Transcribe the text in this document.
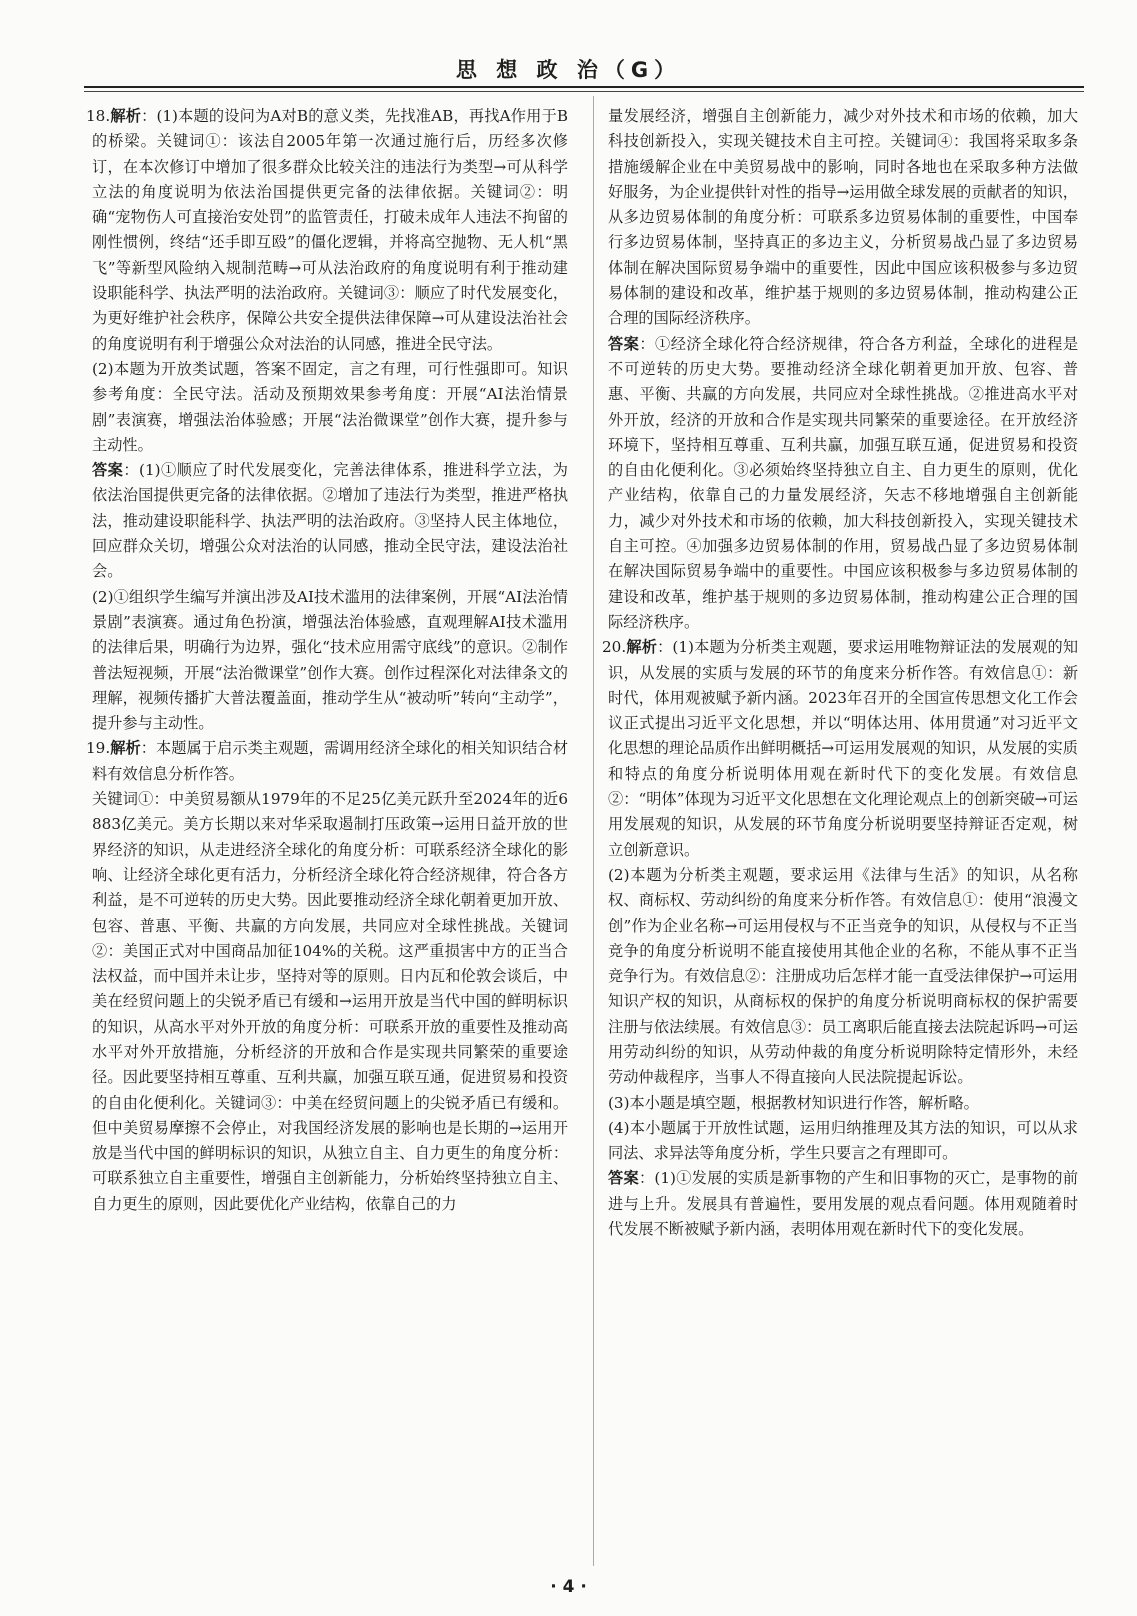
思 想 政 治（G）

18.解析：(1)本题的设问为A对B的意义类，先找准AB，再找A作用于B的桥梁。关键词①：该法自2005年第一次通过施行后，历经多次修订，在本次修订中增加了很多群众比较关注的违法行为类型→可从科学立法的角度说明为依法治国提供更完备的法律依据。关键词②：明确“宠物伤人可直接治安处罚”的监管责任，打破未成年人违法不拘留的刚性惯例，终结“还手即互殴”的僵化逻辑，并将高空抛物、无人机“黑飞”等新型风险纳入规制范畴→可从法治政府的角度说明有利于推动建设职能科学、执法严明的法治政府。关键词③：顺应了时代发展变化，为更好维护社会秩序，保障公共安全提供法律保障→可从建设法治社会的角度说明有利于增强公众对法治的认同感，推进全民守法。

(2)本题为开放类试题，答案不固定，言之有理，可行性强即可。知识参考角度：全民守法。活动及预期效果参考角度：开展“AI法治情景剧”表演赛，增强法治体验感；开展“法治微课堂”创作大赛，提升参与主动性。

答案：(1)①顺应了时代发展变化，完善法律体系，推进科学立法，为依法治国提供更完备的法律依据。②增加了违法行为类型，推进严格执法，推动建设职能科学、执法严明的法治政府。③坚持人民主体地位，回应群众关切，增强公众对法治的认同感，推动全民守法，建设法治社会。

(2)①组织学生编写并演出涉及AI技术滥用的法律案例，开展“AI法治情景剧”表演赛。通过角色扮演，增强法治体验感，直观理解AI技术滥用的法律后果，明确行为边界，强化“技术应用需守底线”的意识。②制作普法短视频，开展“法治微课堂”创作大赛。创作过程深化对法律条文的理解，视频传播扩大普法覆盖面，推动学生从“被动听”转向“主动学”，提升参与主动性。

19.解析：本题属于启示类主观题，需调用经济全球化的相关知识结合材料有效信息分析作答。

关键词①：中美贸易额从1979年的不足25亿美元跃升至2024年的近6 883亿美元。美方长期以来对华采取遏制打压政策→运用日益开放的世界经济的知识，从走进经济全球化的角度分析：可联系经济全球化的影响、让经济全球化更有活力，分析经济全球化符合经济规律，符合各方利益，是不可逆转的历史大势。因此要推动经济全球化朝着更加开放、包容、普惠、平衡、共赢的方向发展，共同应对全球性挑战。关键词②：美国正式对中国商品加征104%的关税。这严重损害中方的正当合法权益，而中国并未让步，坚持对等的原则。日内瓦和伦敦会谈后，中美在经贸问题上的尖锐矛盾已有缓和→运用开放是当代中国的鲜明标识的知识，从高水平对外开放的角度分析：可联系开放的重要性及推动高水平对外开放措施，分析经济的开放和合作是实现共同繁荣的重要途径。因此要坚持相互尊重、互利共赢，加强互联互通，促进贸易和投资的自由化便利化。关键词③：中美在经贸问题上的尖锐矛盾已有缓和。但中美贸易摩擦不会停止，对我国经济发展的影响也是长期的→运用开放是当代中国的鲜明标识的知识，从独立自主、自力更生的角度分析：可联系独立自主重要性，增强自主创新能力，分析始终坚持独立自主、自力更生的原则，因此要优化产业结构，依靠自己的力

量发展经济，增强自主创新能力，减少对外技术和市场的依赖，加大科技创新投入，实现关键技术自主可控。关键词④：我国将采取多条措施缓解企业在中美贸易战中的影响，同时各地也在采取多种方法做好服务，为企业提供针对性的指导→运用做全球发展的贡献者的知识，从多边贸易体制的角度分析：可联系多边贸易体制的重要性，中国奉行多边贸易体制，坚持真正的多边主义，分析贸易战凸显了多边贸易体制在解决国际贸易争端中的重要性，因此中国应该积极参与多边贸易体制的建设和改革，维护基于规则的多边贸易体制，推动构建公正合理的国际经济秩序。

答案：①经济全球化符合经济规律，符合各方利益，全球化的进程是不可逆转的历史大势。要推动经济全球化朝着更加开放、包容、普惠、平衡、共赢的方向发展，共同应对全球性挑战。②推进高水平对外开放，经济的开放和合作是实现共同繁荣的重要途径。在开放经济环境下，坚持相互尊重、互利共赢，加强互联互通，促进贸易和投资的自由化便利化。③必须始终坚持独立自主、自力更生的原则，优化产业结构，依靠自己的力量发展经济，矢志不移地增强自主创新能力，减少对外技术和市场的依赖，加大科技创新投入，实现关键技术自主可控。④加强多边贸易体制的作用，贸易战凸显了多边贸易体制在解决国际贸易争端中的重要性。中国应该积极参与多边贸易体制的建设和改革，维护基于规则的多边贸易体制，推动构建公正合理的国际经济秩序。

20.解析：(1)本题为分析类主观题，要求运用唯物辩证法的发展观的知识，从发展的实质与发展的环节的角度来分析作答。有效信息①：新时代，体用观被赋予新内涵。2023年召开的全国宣传思想文化工作会议正式提出习近平文化思想，并以“明体达用、体用贯通”对习近平文化思想的理论品质作出鲜明概括→可运用发展观的知识，从发展的实质和特点的角度分析说明体用观在新时代下的变化发展。有效信息②：“明体”体现为习近平文化思想在文化理论观点上的创新突破→可运用发展观的知识，从发展的环节角度分析说明要坚持辩证否定观，树立创新意识。

(2)本题为分析类主观题，要求运用《法律与生活》的知识，从名称权、商标权、劳动纠纷的角度来分析作答。有效信息①：使用“浪漫文创”作为企业名称→可运用侵权与不正当竞争的知识，从侵权与不正当竞争的角度分析说明不能直接使用其他企业的名称，不能从事不正当竞争行为。有效信息②：注册成功后怎样才能一直受法律保护→可运用知识产权的知识，从商标权的保护的角度分析说明商标权的保护需要注册与依法续展。有效信息③：员工离职后能直接去法院起诉吗→可运用劳动纠纷的知识，从劳动仲裁的角度分析说明除特定情形外，未经劳动仲裁程序，当事人不得直接向人民法院提起诉讼。

(3)本小题是填空题，根据教材知识进行作答，解析略。

(4)本小题属于开放性试题，运用归纳推理及其方法的知识，可以从求同法、求异法等角度分析，学生只要言之有理即可。

答案：(1)①发展的实质是新事物的产生和旧事物的灭亡，是事物的前进与上升。发展具有普遍性，要用发展的观点看问题。体用观随着时代发展不断被赋予新内涵，表明体用观在新时代下的变化发展。

· 4 ·
